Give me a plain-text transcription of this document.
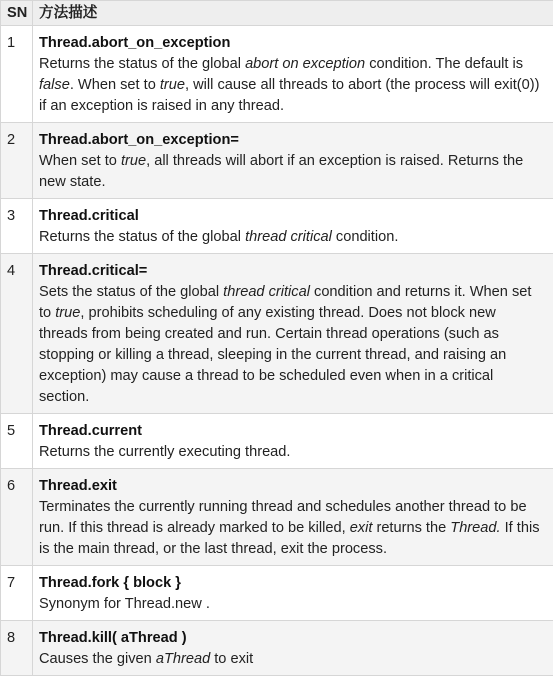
SN	方法描述
1	Thread.abort_on_exception
Returns the status of the global abort on exception condition. The default is false. When set to true, will cause all threads to abort (the process will exit(0)) if an exception is raised in any thread.

2	Thread.abort_on_exception=
When set to true, all threads will abort if an exception is raised. Returns the new state.

3	Thread.critical
Returns the status of the global thread critical condition.

4	Thread.critical=
Sets the status of the global thread critical condition and returns it. When set to true, prohibits scheduling of any existing thread. Does not block new threads from being created and run. Certain thread operations (such as stopping or killing a thread, sleeping in the current thread, and raising an exception) may cause a thread to be scheduled even when in a critical section.

5	Thread.current
Returns the currently executing thread.

6	Thread.exit
Terminates the currently running thread and schedules another thread to be run. If this thread is already marked to be killed, exit returns the Thread. If this is the main thread, or the last thread, exit the process.

7	Thread.fork { block }
Synonym for Thread.new .

8	Thread.kill( aThread )
Causes the given aThread to exit
